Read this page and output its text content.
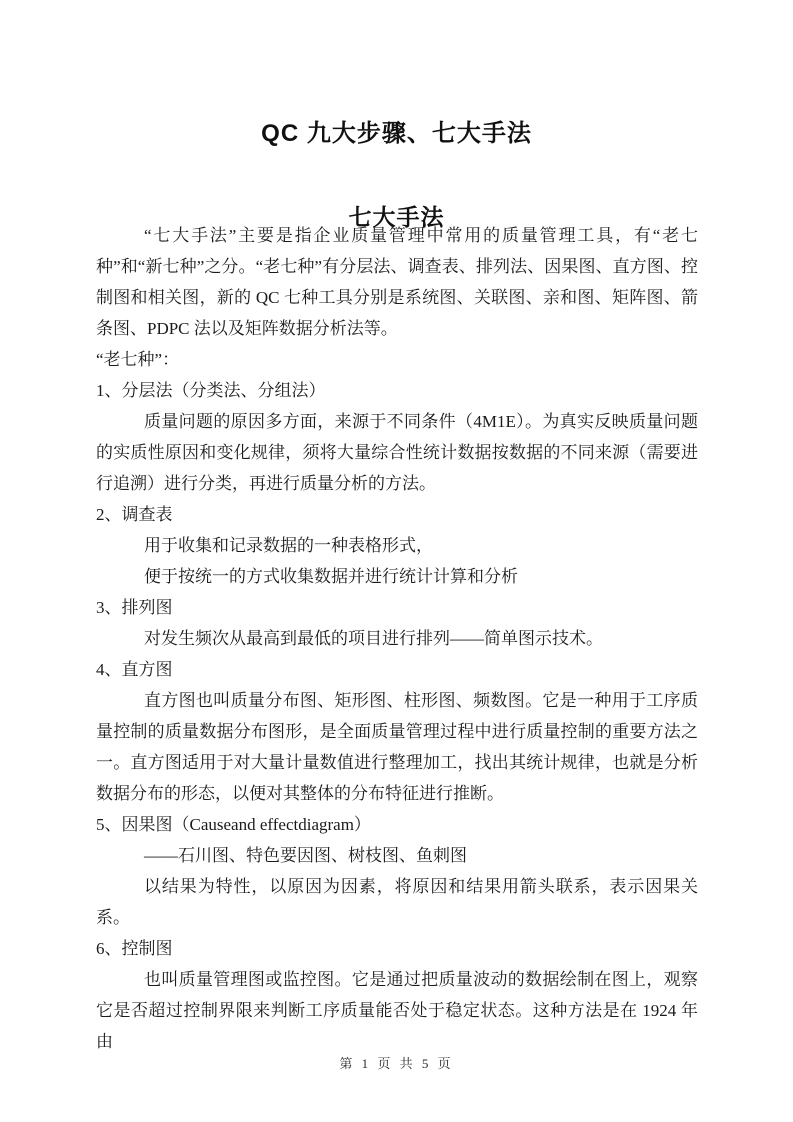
QC 九大步骤、七大手法
七大手法

“七大手法”主要是指企业质量管理中常用的质量管理工具，有“老七种”和“新七种”之分。“老七种”有分层法、调查表、排列法、因果图、直方图、控制图和相关图，新的 QC 七种工具分别是系统图、关联图、亲和图、矩阵图、箭条图、PDPC 法以及矩阵数据分析法等。

“老七种”：

1、分层法（分类法、分组法）

质量问题的原因多方面，来源于不同条件（4M1E）。为真实反映质量问题的实质性原因和变化规律，须将大量综合性统计数据按数据的不同来源（需要进行追溯）进行分类，再进行质量分析的方法。

2、调查表

用于收集和记录数据的一种表格形式，

便于按统一的方式收集数据并进行统计计算和分析

3、排列图

对发生频次从最高到最低的项目进行排列——简单图示技术。

4、直方图

直方图也叫质量分布图、矩形图、柱形图、频数图。它是一种用于工序质量控制的质量数据分布图形，是全面质量管理过程中进行质量控制的重要方法之一。直方图适用于对大量计量数值进行整理加工，找出其统计规律，也就是分析数据分布的形态，以便对其整体的分布特征进行推断。

5、因果图（Causeand effectdiagram）

——石川图、特色要因图、树枝图、鱼刺图

以结果为特性，以原因为因素，将原因和结果用箭头联系，表示因果关系。

6、控制图

也叫质量管理图或监控图。它是通过把质量波动的数据绘制在图上，观察它是否超过控制界限来判断工序质量能否处于稳定状态。这种方法是在 1924 年由

第 1 页 共 5 页
